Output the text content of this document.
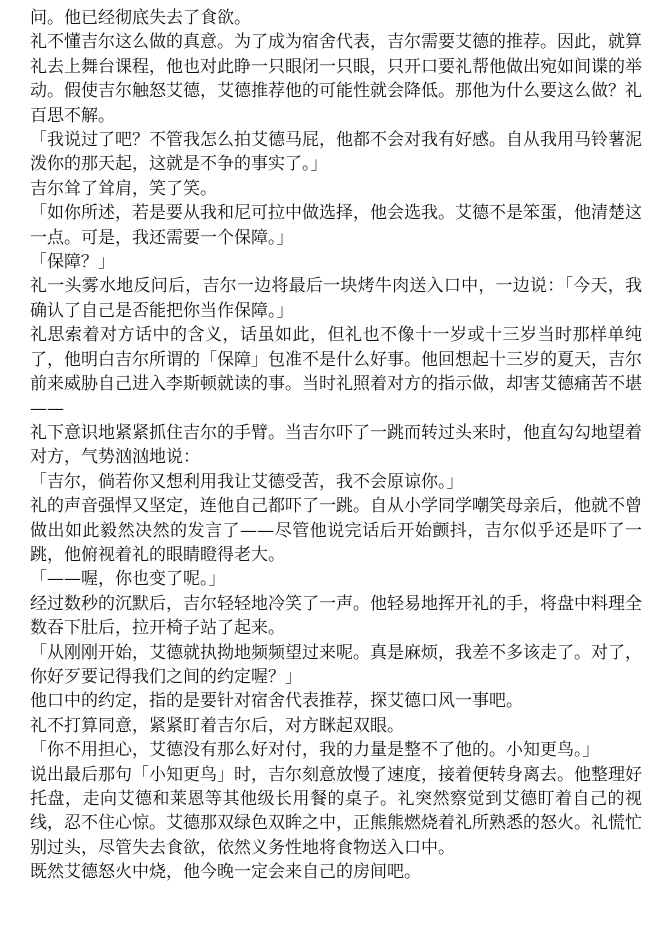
问。他已经彻底失去了食欲。

礼不懂吉尔这么做的真意。为了成为宿舍代表，吉尔需要艾德的推荐。因此，就算礼去上舞台课程，他也对此睁一只眼闭一只眼，只开口要礼帮他做出宛如间谍的举动。假使吉尔触怒艾德，艾德推荐他的可能性就会降低。那他为什么要这么做？礼百思不解。

「我说过了吧？不管我怎么拍艾德马屁，他都不会对我有好感。自从我用马铃薯泥泼你的那天起，这就是不争的事实了。」

吉尔耸了耸肩，笑了笑。

「如你所述，若是要从我和尼可拉中做选择，他会选我。艾德不是笨蛋，他清楚这一点。可是，我还需要一个保障。」

「保障？」

礼一头雾水地反问后，吉尔一边将最后一块烤牛肉送入口中，一边说：「今天，我确认了自己是否能把你当作保障。」

礼思索着对方话中的含义，话虽如此，但礼也不像十一岁或十三岁当时那样单纯了，他明白吉尔所谓的「保障」包准不是什么好事。他回想起十三岁的夏天，吉尔前来威胁自己进入李斯顿就读的事。当时礼照着对方的指示做，却害艾德痛苦不堪——

礼下意识地紧紧抓住吉尔的手臂。当吉尔吓了一跳而转过头来时，他直勾勾地望着对方，气势汹汹地说：

「吉尔，倘若你又想利用我让艾德受苦，我不会原谅你。」

礼的声音强悍又坚定，连他自己都吓了一跳。自从小学同学嘲笑母亲后，他就不曾做出如此毅然决然的发言了——尽管他说完话后开始颤抖，吉尔似乎还是吓了一跳，他俯视着礼的眼睛瞪得老大。

「——喔，你也变了呢。」

经过数秒的沉默后，吉尔轻轻地冷笑了一声。他轻易地挥开礼的手，将盘中料理全数吞下肚后，拉开椅子站了起来。

「从刚刚开始，艾德就执拗地频频望过来呢。真是麻烦，我差不多该走了。对了，你好歹要记得我们之间的约定喔？」

他口中的约定，指的是要针对宿舍代表推荐，探艾德口风一事吧。

礼不打算同意，紧紧盯着吉尔后，对方眯起双眼。

「你不用担心，艾德没有那么好对付，我的力量是整不了他的。小知更鸟。」

说出最后那句「小知更鸟」时，吉尔刻意放慢了速度，接着便转身离去。他整理好托盘，走向艾德和莱恩等其他级长用餐的桌子。礼突然察觉到艾德盯着自己的视线，忍不住心惊。艾德那双绿色双眸之中，正熊熊燃烧着礼所熟悉的怒火。礼慌忙别过头，尽管失去食欲，依然义务性地将食物送入口中。

既然艾德怒火中烧，他今晚一定会来自己的房间吧。
